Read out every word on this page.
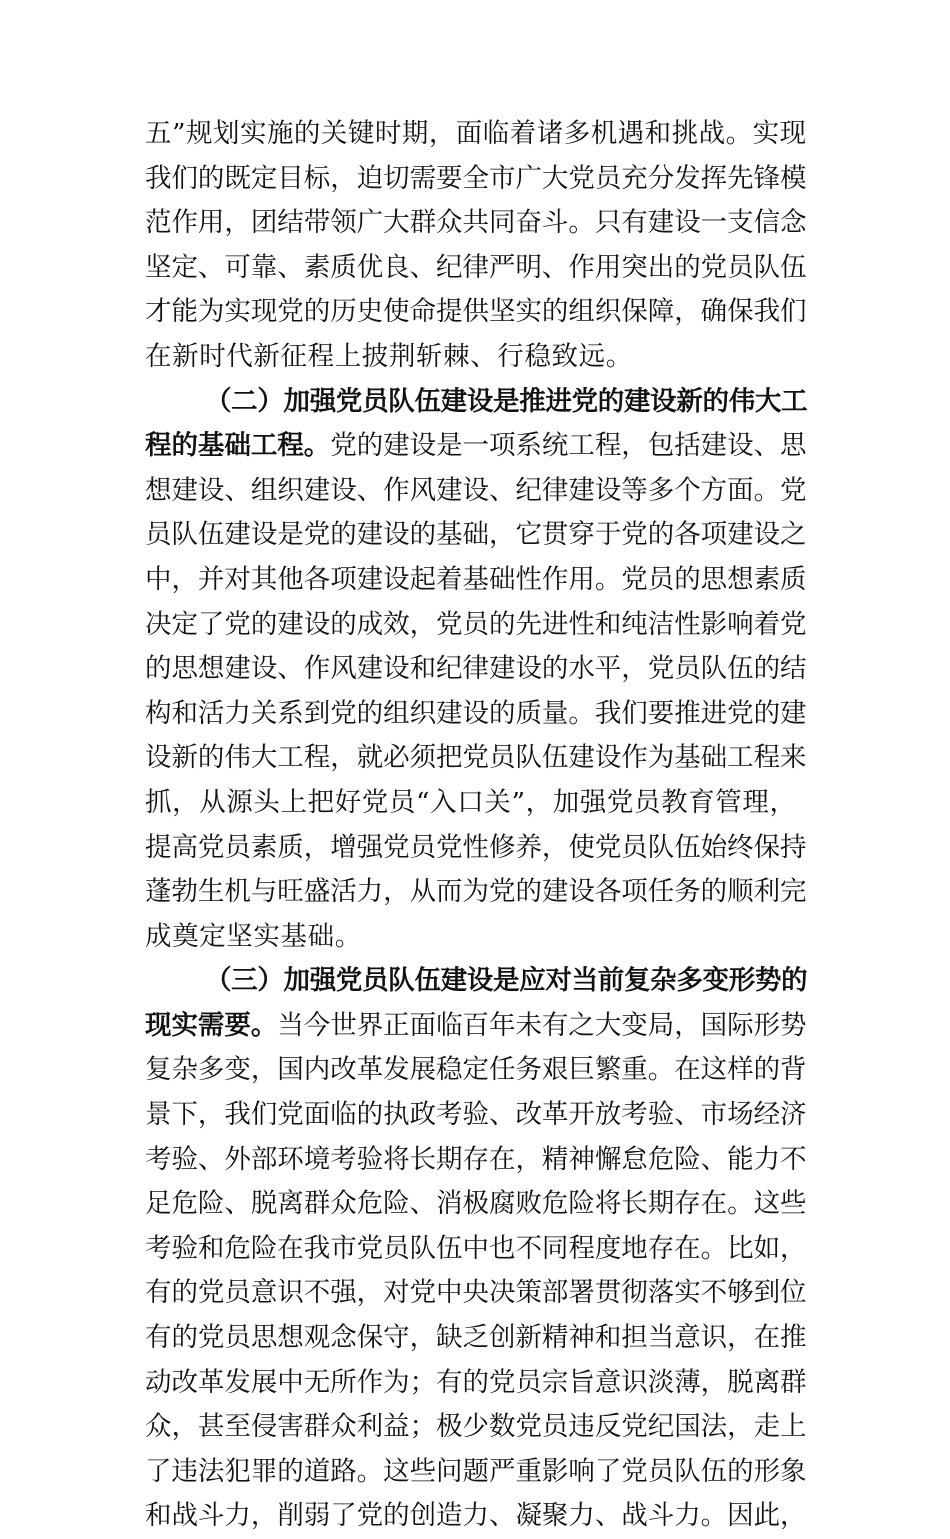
五”规划实施的关键时期，面临着诸多机遇和挑战。实现
我们的既定目标，迫切需要全市广大党员充分发挥先锋模
范作用，团结带领广大群众共同奋斗。只有建设一支信念
坚定、可靠、素质优良、纪律严明、作用突出的党员队伍
才能为实现党的历史使命提供坚实的组织保障，确保我们
在新时代新征程上披荆斩棘、行稳致远。
（二）加强党员队伍建设是推进党的建设新的伟大工
程的基础工程。党的建设是一项系统工程，包括建设、思
想建设、组织建设、作风建设、纪律建设等多个方面。党
员队伍建设是党的建设的基础，它贯穿于党的各项建设之
中，并对其他各项建设起着基础性作用。党员的思想素质
决定了党的建设的成效，党员的先进性和纯洁性影响着党
的思想建设、作风建设和纪律建设的水平，党员队伍的结
构和活力关系到党的组织建设的质量。我们要推进党的建
设新的伟大工程，就必须把党员队伍建设作为基础工程来
抓，从源头上把好党员“入口关”，加强党员教育管理，
提高党员素质，增强党员党性修养，使党员队伍始终保持
蓬勃生机与旺盛活力，从而为党的建设各项任务的顺利完
成奠定坚实基础。
（三）加强党员队伍建设是应对当前复杂多变形势的
现实需要。当今世界正面临百年未有之大变局，国际形势
复杂多变，国内改革发展稳定任务艰巨繁重。在这样的背
景下，我们党面临的执政考验、改革开放考验、市场经济
考验、外部环境考验将长期存在，精神懈怠危险、能力不
足危险、脱离群众危险、消极腐败危险将长期存在。这些
考验和危险在我市党员队伍中也不同程度地存在。比如，
有的党员意识不强，对党中央决策部署贯彻落实不够到位
有的党员思想观念保守，缺乏创新精神和担当意识，在推
动改革发展中无所作为；有的党员宗旨意识淡薄，脱离群
众，甚至侵害群众利益；极少数党员违反党纪国法，走上
了违法犯罪的道路。这些问题严重影响了党员队伍的形象
和战斗力，削弱了党的创造力、凝聚力、战斗力。因此，
